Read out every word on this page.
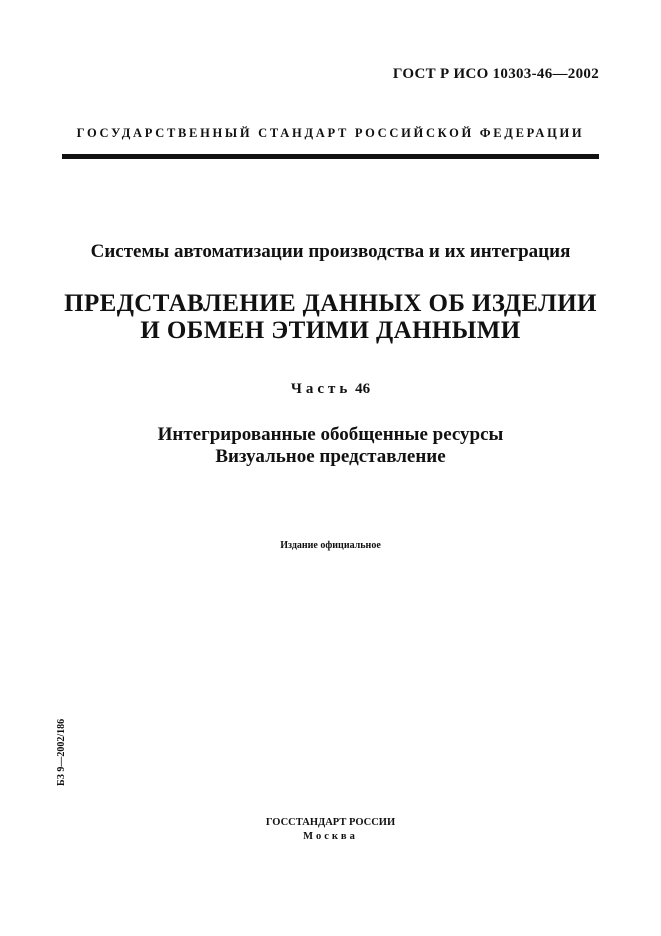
ГОСТ Р ИСО 10303-46—2002
ГОСУДАРСТВЕННЫЙ СТАНДАРТ РОССИЙСКОЙ ФЕДЕРАЦИИ
Системы автоматизации производства и их интеграция
ПРЕДСТАВЛЕНИЕ ДАННЫХ ОБ ИЗДЕЛИИ
И ОБМЕН ЭТИМИ ДАННЫМИ
Часть 46
Интегрированные обобщенные ресурсы
Визуальное представление
Издание официальное
БЗ 9—2002/186
ГОССТАНДАРТ РОССИИ
Москва
